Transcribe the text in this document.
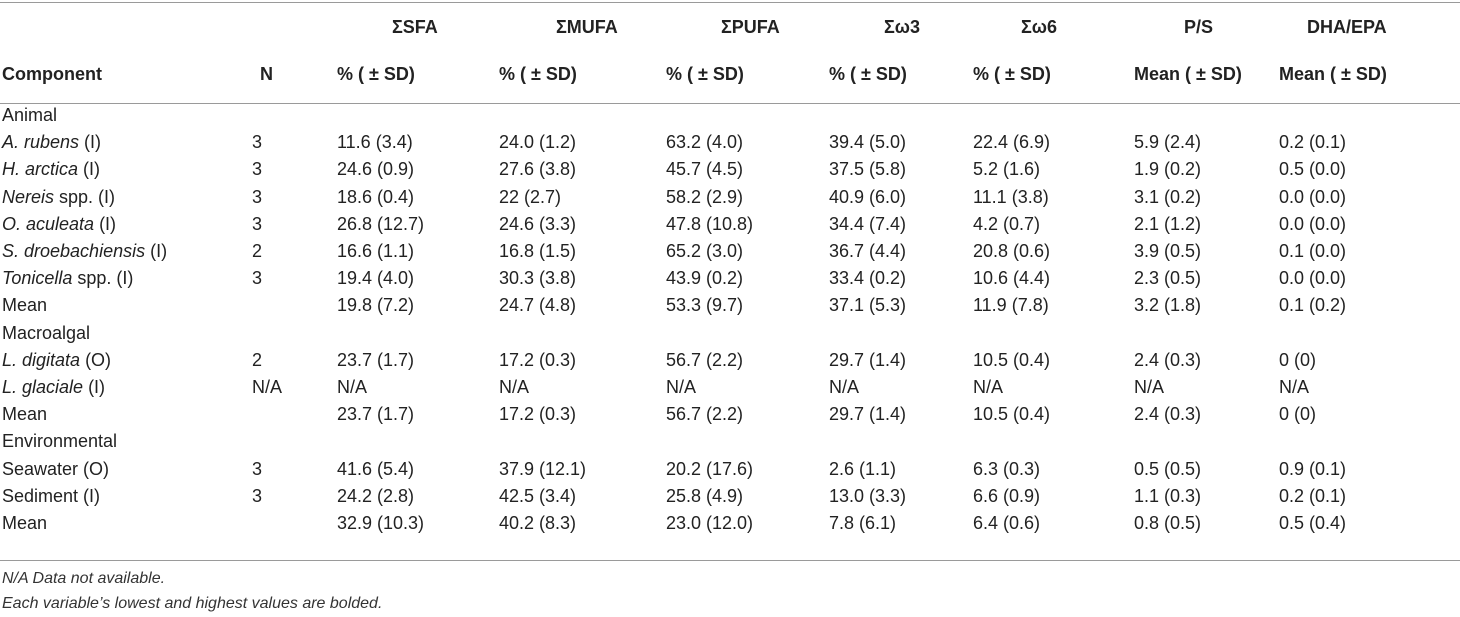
		ΣSFA	ΣMUFA	ΣPUFA	Σω3	Σω6	P/S	DHA/EPA
Component	N	% ( ± SD)	% ( ± SD)	% ( ± SD)	% ( ± SD)	% ( ± SD)	Mean ( ± SD)	Mean ( ± SD)

Animal								
A. rubens (I)	3	11.6 (3.4)	24.0 (1.2)	63.2 (4.0)	39.4 (5.0)	22.4 (6.9)	5.9 (2.4)	0.2 (0.1)
H. arctica (I)	3	24.6 (0.9)	27.6 (3.8)	45.7 (4.5)	37.5 (5.8)	5.2 (1.6)	1.9 (0.2)	0.5 (0.0)
Nereis spp. (I)	3	18.6 (0.4)	22 (2.7)	58.2 (2.9)	40.9 (6.0)	11.1 (3.8)	3.1 (0.2)	0.0 (0.0)
O. aculeata (I)	3	26.8 (12.7)	24.6 (3.3)	47.8 (10.8)	34.4 (7.4)	4.2 (0.7)	2.1 (1.2)	0.0 (0.0)
S. droebachiensis (I)	2	16.6 (1.1)	16.8 (1.5)	65.2 (3.0)	36.7 (4.4)	20.8 (0.6)	3.9 (0.5)	0.1 (0.0)
Tonicella spp. (I)	3	19.4 (4.0)	30.3 (3.8)	43.9 (0.2)	33.4 (0.2)	10.6 (4.4)	2.3 (0.5)	0.0 (0.0)
Mean		19.8 (7.2)	24.7 (4.8)	53.3 (9.7)	37.1 (5.3)	11.9 (7.8)	3.2 (1.8)	0.1 (0.2)
Macroalgal								
L. digitata (O)	2	23.7 (1.7)	17.2 (0.3)	56.7 (2.2)	29.7 (1.4)	10.5 (0.4)	2.4 (0.3)	0 (0)
L. glaciale (I)	N/A	N/A	N/A	N/A	N/A	N/A	N/A	N/A
Mean		23.7 (1.7)	17.2 (0.3)	56.7 (2.2)	29.7 (1.4)	10.5 (0.4)	2.4 (0.3)	0 (0)
Environmental								
Seawater (O)	3	41.6 (5.4)	37.9 (12.1)	20.2 (17.6)	2.6 (1.1)	6.3 (0.3)	0.5 (0.5)	0.9 (0.1)
Sediment (I)	3	24.2 (2.8)	42.5 (3.4)	25.8 (4.9)	13.0 (3.3)	6.6 (0.9)	1.1 (0.3)	0.2 (0.1)
Mean		32.9 (10.3)	40.2 (8.3)	23.0 (12.0)	7.8 (6.1)	6.4 (0.6)	0.8 (0.5)	0.5 (0.4)
N/A Data not available.
Each variable’s lowest and highest values are bolded.
